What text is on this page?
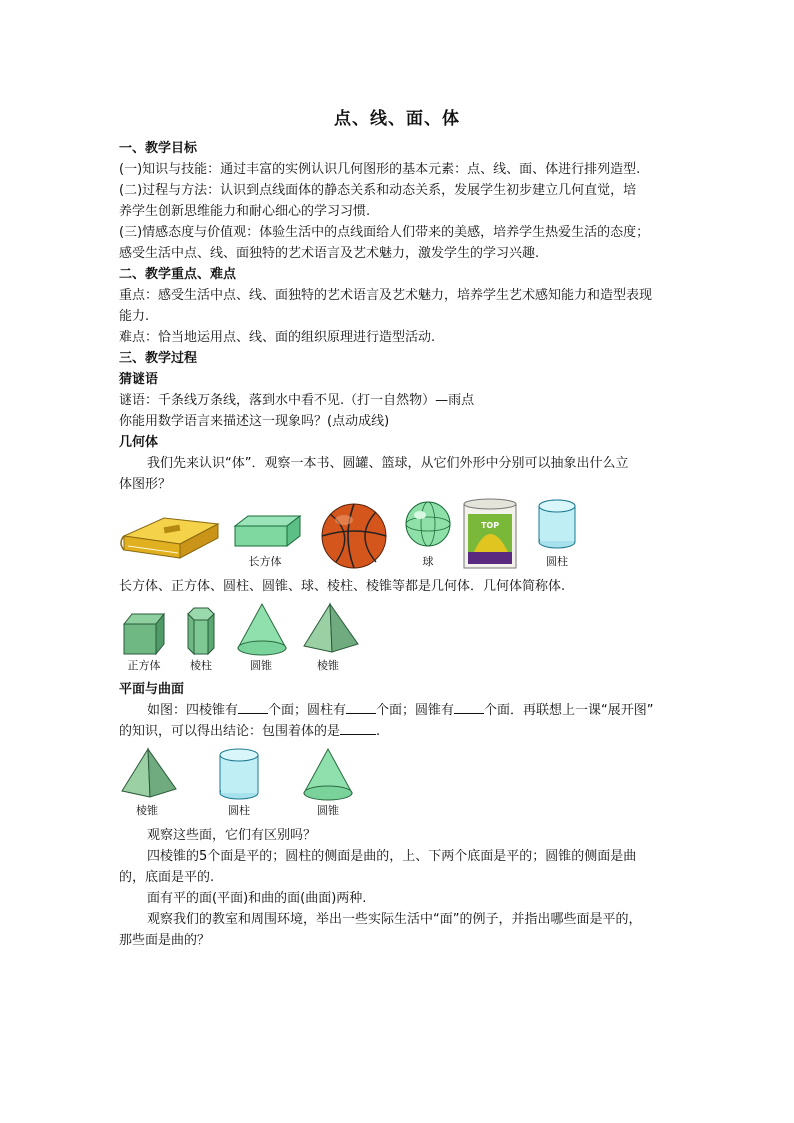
点、线、面、体
一、教学目标
(一)知识与技能：通过丰富的实例认识几何图形的基本元素：点、线、面、体进行排列造型.
(二)过程与方法：认识到点线面体的静态关系和动态关系，发展学生初步建立几何直觉，培
养学生创新思维能力和耐心细心的学习习惯.
(三)情感态度与价值观：体验生活中的点线面给人们带来的美感，培养学生热爱生活的态度；
感受生活中点、线、面独特的艺术语言及艺术魅力，激发学生的学习兴趣.
二、教学重点、难点
重点：感受生活中点、线、面独特的艺术语言及艺术魅力，培养学生艺术感知能力和造型表现
能力.
难点：恰当地运用点、线、面的组织原理进行造型活动.
三、教学过程
猜谜语
谜语：千条线万条线，落到水中看不见.（打一自然物）—雨点
你能用数学语言来描述这一现象吗？(点动成线)
几何体
我们先来认识“体”．观察一本书、圆罐、篮球，从它们外形中分别可以抽象出什么立
体图形？
TOP
长方体	球	圆柱
长方体、正方体、圆柱、圆锥、球、棱柱、棱锥等都是几何体．几何体简称体.
正方体	棱柱	圆锥	棱锥
平面与曲面
如图：四棱锥有 个面；圆柱有 个面；圆锥有 个面．再联想上一课“展开图”
的知识，可以得出结论：包围着体的是	.
棱锥	圆柱	圆锥
观察这些面，它们有区别吗？
四棱锥的5个面是平的；圆柱的侧面是曲的，上、下两个底面是平的；圆锥的侧面是曲
的，底面是平的.
面有平的面(平面)和曲的面(曲面)两种.
观察我们的教室和周围环境，举出一些实际生活中“面”的例子，并指出哪些面是平的，
那些面是曲的？
